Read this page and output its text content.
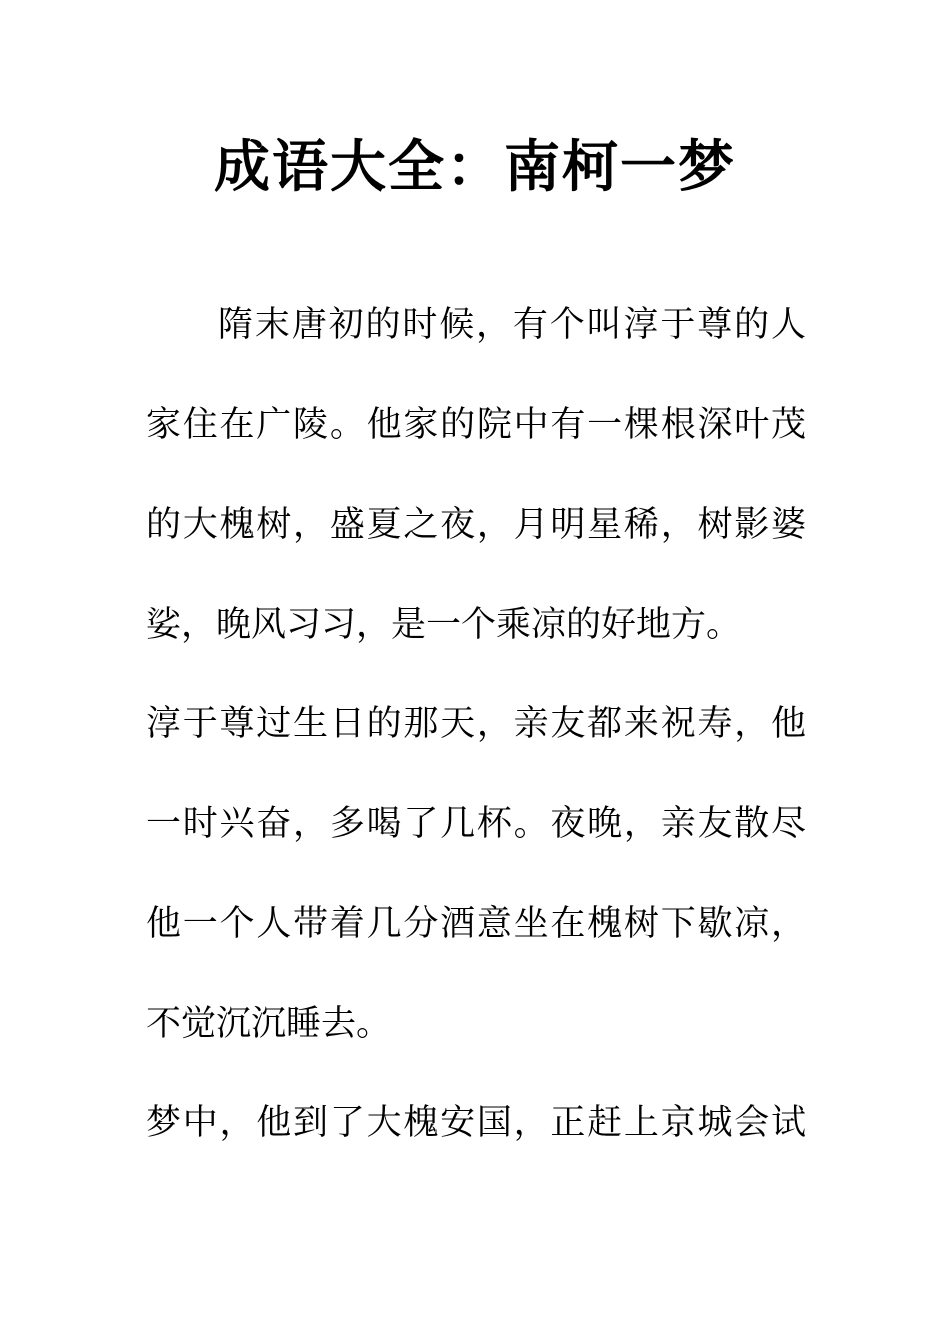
成语大全：南柯一梦

隋末唐初的时候，有个叫淳于尊的人

家住在广陵。他家的院中有一棵根深叶茂

的大槐树，盛夏之夜，月明星稀，树影婆

娑，晚风习习，是一个乘凉的好地方。

淳于尊过生日的那天，亲友都来祝寿，他

一时兴奋，多喝了几杯。夜晚，亲友散尽

他一个人带着几分酒意坐在槐树下歇凉，

不觉沉沉睡去。

梦中，他到了大槐安国，正赶上京城会试
